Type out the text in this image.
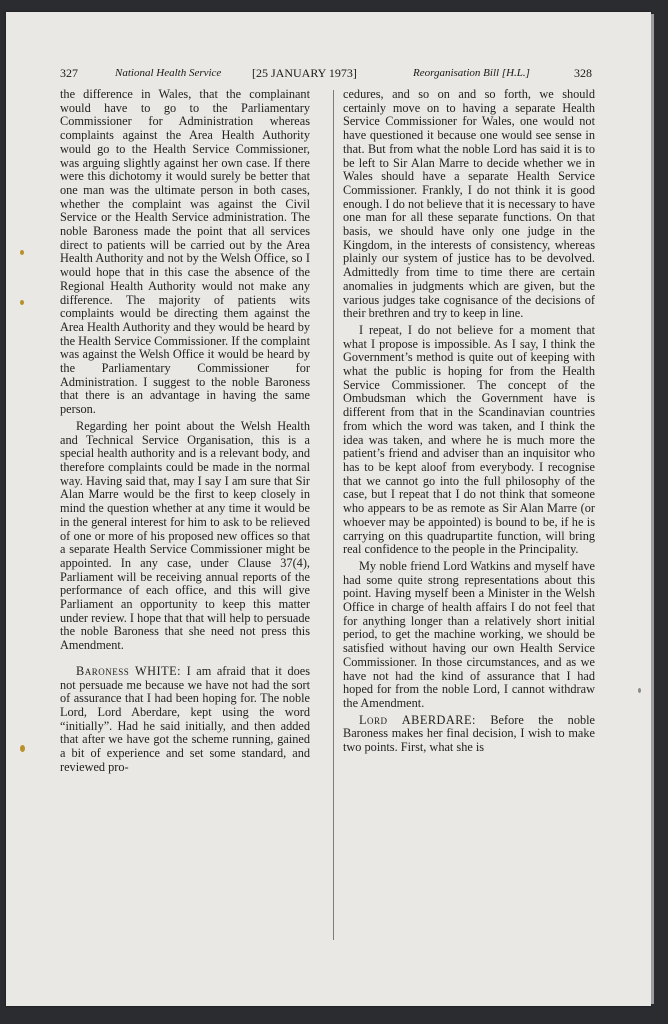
327	National Health Service	[25 JANUARY 1973]	Reorganisation Bill [H.L.]	328

the difference in Wales, that the complainant would have to go to the Parliamentary Commissioner for Administration whereas complaints against the Area Health Authority would go to the Health Service Commissioner, was arguing slightly against her own case. If there were this dichotomy it would surely be better that one man was the ultimate person in both cases, whether the complaint was against the Civil Service or the Health Service administration. The noble Baroness made the point that all services direct to patients will be carried out by the Area Health Authority and not by the Welsh Office, so I would hope that in this case the absence of the Regional Health Authority would not make any difference. The majority of patients wits complaints would be directing them against the Area Health Authority and they would be heard by the Health Service Commissioner. If the complaint was against the Welsh Office it would be heard by the Parliamentary Commissioner for Administration. I suggest to the noble Baroness that there is an advantage in having the same person.

Regarding her point about the Welsh Health and Technical Service Organisation, this is a special health authority and is a relevant body, and therefore complaints could be made in the normal way. Having said that, may I say I am sure that Sir Alan Marre would be the first to keep closely in mind the question whether at any time it would be in the general interest for him to ask to be relieved of one or more of his proposed new offices so that a separate Health Service Commissioner might be appointed. In any case, under Clause 37(4), Parliament will be receiving annual reports of the performance of each office, and this will give Parliament an opportunity to keep this matter under review. I hope that that will help to persuade the noble Baroness that she need not press this Amendment.

Baroness WHITE: I am afraid that it does not persuade me because we have not had the sort of assurance that I had been hoping for. The noble Lord, Lord Aberdare, kept using the word “initially”. Had he said initially, and then added that after we have got the scheme running, gained a bit of experience and set some standard, and reviewed pro-

cedures, and so on and so forth, we should certainly move on to having a separate Health Service Commissioner for Wales, one would not have questioned it because one would see sense in that. But from what the noble Lord has said it is to be left to Sir Alan Marre to decide whether we in Wales should have a separate Health Service Commissioner. Frankly, I do not think it is good enough. I do not believe that it is necessary to have one man for all these separate functions. On that basis, we should have only one judge in the Kingdom, in the interests of consistency, whereas plainly our system of justice has to be devolved. Admittedly from time to time there are certain anomalies in judgments which are given, but the various judges take cognisance of the decisions of their brethren and try to keep in line.

I repeat, I do not believe for a moment that what I propose is impossible. As I say, I think the Government’s method is quite out of keeping with what the public is hoping for from the Health Service Commissioner. The concept of the Ombudsman which the Government have is different from that in the Scandinavian countries from which the word was taken, and I think the idea was taken, and where he is much more the patient’s friend and adviser than an inquisitor who has to be kept aloof from everybody. I recognise that we cannot go into the full philosophy of the case, but I repeat that I do not think that someone who appears to be as remote as Sir Alan Marre (or whoever may be appointed) is bound to be, if he is carrying on this quadrupartite function, will bring real confidence to the people in the Principality.

My noble friend Lord Watkins and myself have had some quite strong representations about this point. Having myself been a Minister in the Welsh Office in charge of health affairs I do not feel that for anything longer than a relatively short initial period, to get the machine working, we should be satisfied without having our own Health Service Commissioner. In those circumstances, and as we have not had the kind of assurance that I had hoped for from the noble Lord, I cannot withdraw the Amendment.

Lord ABERDARE: Before the noble Baroness makes her final decision, I wish to make two points. First, what she is
